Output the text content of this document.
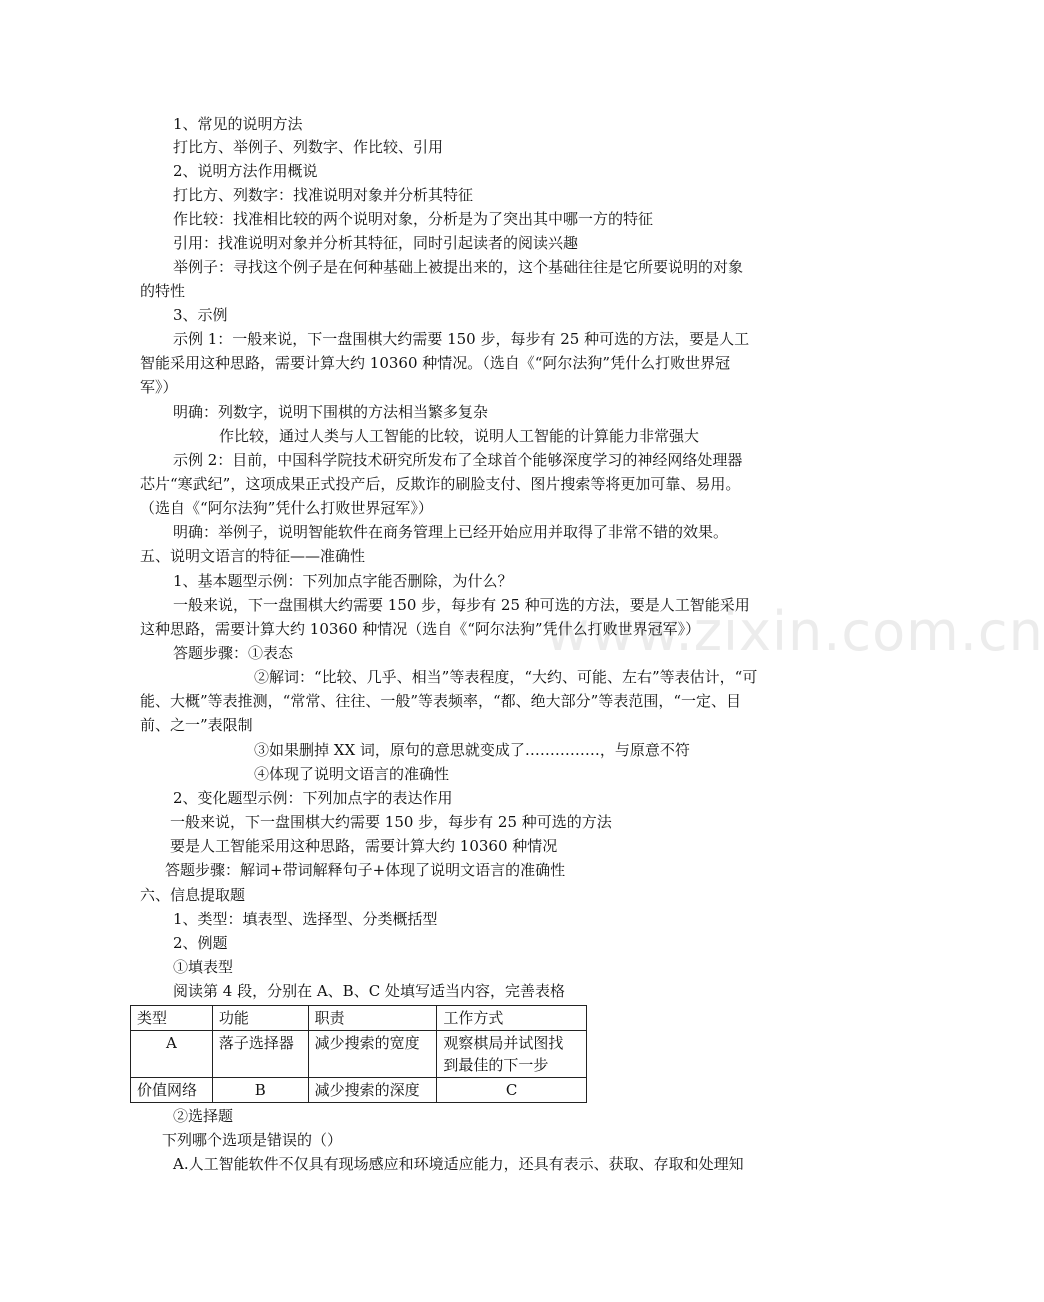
www.zixin.com.cn

1、常见的说明方法

打比方、举例子、列数字、作比较、引用

2、说明方法作用概说

打比方、列数字：找准说明对象并分析其特征

作比较：找准相比较的两个说明对象，分析是为了突出其中哪一方的特征

引用：找准说明对象并分析其特征，同时引起读者的阅读兴趣

举例子：寻找这个例子是在何种基础上被提出来的，这个基础往往是它所要说明的对象

的特性

3、示例

示例 1：一般来说，下一盘围棋大约需要 150 步，每步有 25 种可选的方法，要是人工

智能采用这种思路，需要计算大约 10360 种情况。（选自《“阿尔法狗”凭什么打败世界冠

军》）

明确：列数字，说明下围棋的方法相当繁多复杂

作比较，通过人类与人工智能的比较，说明人工智能的计算能力非常强大

示例 2：目前，中国科学院技术研究所发布了全球首个能够深度学习的神经网络处理器

芯片“寒武纪”，这项成果正式投产后，反欺诈的刷脸支付、图片搜索等将更加可靠、易用。

（选自《“阿尔法狗”凭什么打败世界冠军》）

明确：举例子，说明智能软件在商务管理上已经开始应用并取得了非常不错的效果。

五、说明文语言的特征——准确性

1、基本题型示例：下列加点字能否删除，为什么？

一般来说，下一盘围棋大约需要 150 步，每步有 25 种可选的方法，要是人工智能采用

这种思路，需要计算大约 10360 种情况（选自《“阿尔法狗”凭什么打败世界冠军》）

答题步骤：①表态

②解词：“比较、几乎、相当”等表程度，“大约、可能、左右”等表估计，“可

能、大概”等表推测，“常常、往往、一般”等表频率，“都、绝大部分”等表范围，“一定、目

前、之一”表限制

③如果删掉 XX 词，原句的意思就变成了……………，与原意不符

④体现了说明文语言的准确性

2、变化题型示例：下列加点字的表达作用

一般来说，下一盘围棋大约需要 150 步，每步有 25 种可选的方法

要是人工智能采用这种思路，需要计算大约 10360 种情况

答题步骤：解词+带词解释句子+体现了说明文语言的准确性

六、信息提取题

1、类型：填表型、选择型、分类概括型

2、例题

①填表型

阅读第 4 段，分别在 A、B、C 处填写适当内容，完善表格

类型	功能	职责	工作方式
A	落子选择器	减少搜索的宽度	观察棋局并试图找
到最佳的下一步

价值网络	B	减少搜索的深度	C

②选择题

下列哪个选项是错误的（）

A.人工智能软件不仅具有现场感应和环境适应能力，还具有表示、获取、存取和处理知
